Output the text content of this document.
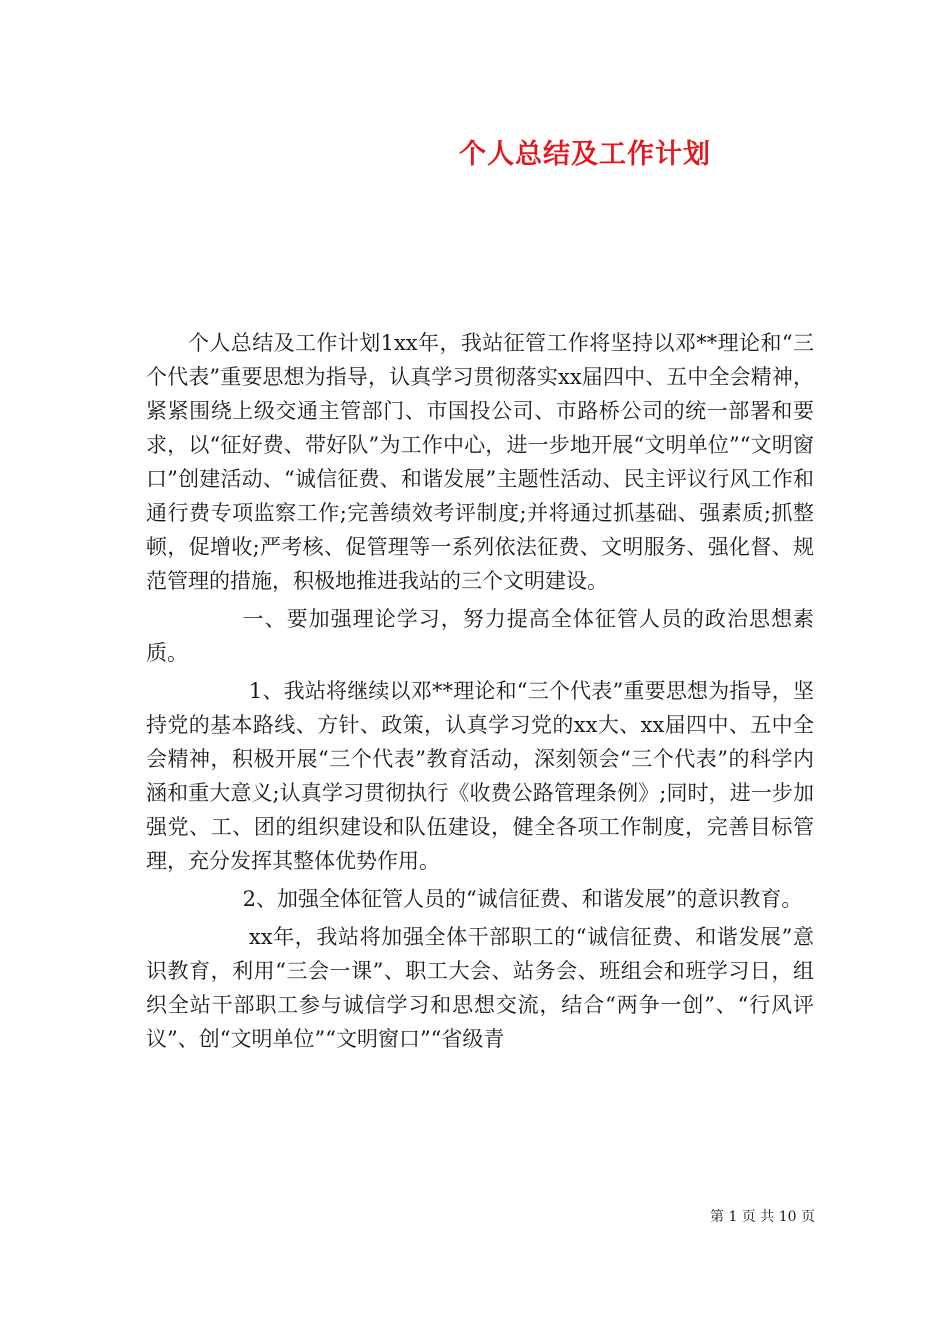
个人总结及工作计划

个人总结及工作计划1xx年，我站征管工作将坚持以邓**理论和“三个代表”重要思想为指导，认真学习贯彻落实xx届四中、五中全会精神，紧紧围绕上级交通主管部门、市国投公司、市路桥公司的统一部署和要求，以“征好费、带好队”为工作中心，进一步地开展“文明单位”“文明窗口”创建活动、“诚信征费、和谐发展”主题性活动、民主评议行风工作和通行费专项监察工作;完善绩效考评制度;并将通过抓基础、强素质;抓整顿，促增收;严考核、促管理等一系列依法征费、文明服务、强化督、规范管理的措施，积极地推进我站的三个文明建设。

一、要加强理论学习，努力提高全体征管人员的政治思想素质。

1、我站将继续以邓**理论和“三个代表”重要思想为指导，坚持党的基本路线、方针、政策，认真学习党的xx大、xx届四中、五中全会精神，积极开展“三个代表”教育活动，深刻领会“三个代表”的科学内涵和重大意义;认真学习贯彻执行《收费公路管理条例》;同时，进一步加强党、工、团的组织建设和队伍建设，健全各项工作制度，完善目标管理，充分发挥其整体优势作用。

2、加强全体征管人员的“诚信征费、和谐发展”的意识教育。

xx年，我站将加强全体干部职工的“诚信征费、和谐发展”意识教育，利用“三会一课”、职工大会、站务会、班组会和班学习日，组织全站干部职工参与诚信学习和思想交流，结合“两争一创”、“行风评议”、创“文明单位”“文明窗口”“省级青

第 1 页 共 10 页
